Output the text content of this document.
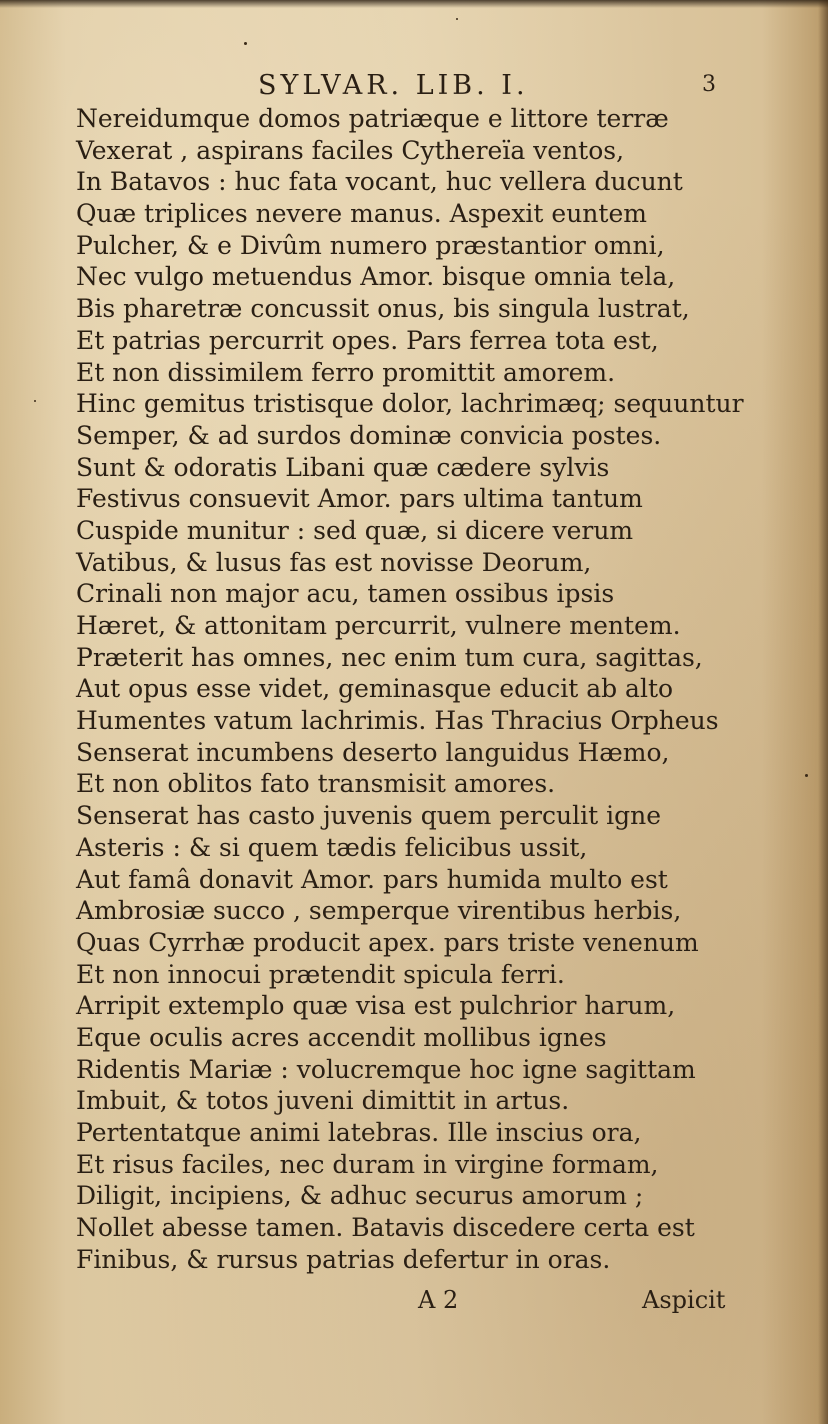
SYLVAR. LIB. I.	3
Nereidumque domos patriæque e littore terræ
Vexerat , aspirans faciles Cythereïa ventos,
In Batavos : huc fata vocant, huc vellera ducunt
Quæ triplices nevere manus. Aspexit euntem
Pulcher, & e Divûm numero præstantior omni,
Nec vulgo metuendus Amor. bisque omnia tela,
Bis pharetræ concussit onus, bis singula lustrat,
Et patrias percurrit opes. Pars ferrea tota est,
Et non dissimilem ferro promittit amorem.
Hinc gemitus tristisque dolor, lachrimæq; sequuntur
Semper, & ad surdos dominæ convicia postes.
Sunt & odoratis Libani quæ cædere sylvis
Festivus consuevit Amor. pars ultima tantum
Cuspide munitur : sed quæ, si dicere verum
Vatibus, & lusus fas est novisse Deorum,
Crinali non major acu, tamen ossibus ipsis
Hæret, & attonitam percurrit, vulnere mentem.
Præterit has omnes, nec enim tum cura, sagittas,
Aut opus esse videt, geminasque educit ab alto
Humentes vatum lachrimis. Has Thracius Orpheus
Senserat incumbens deserto languidus Hæmo,
Et non oblitos fato transmisit amores.
Senserat has casto juvenis quem perculit igne
Asteris : & si quem tædis felicibus ussit,
Aut famâ donavit Amor. pars humida multo est
Ambrosiæ succo , semperque virentibus herbis,
Quas Cyrrhæ producit apex. pars triste venenum
Et non innocui prætendit spicula ferri.
Arripit extemplo quæ visa est pulchrior harum,
Eque oculis acres accendit mollibus ignes
Ridentis Mariæ : volucremque hoc igne sagittam
Imbuit, & totos juveni dimittit in artus.
Pertentatque animi latebras. Ille inscius ora,
Et risus faciles, nec duram in virgine formam,
Diligit, incipiens, & adhuc securus amorum ;
Nollet abesse tamen. Batavis discedere certa est
Finibus, & rursus patrias defertur in oras.
A 2	Aspicit
